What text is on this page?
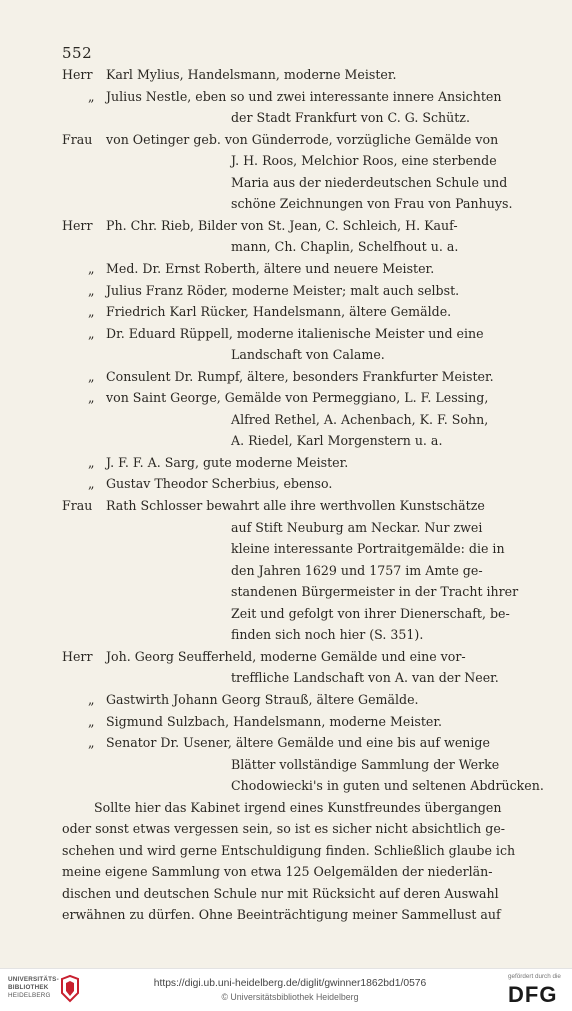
552
Herr Karl Mylius, Handelsmann, moderne Meister.
„ Julius Nestle, eben so und zwei interessante innere Ansichten
der Stadt Frankfurt von C. G. Schütz.
Frau von Oetinger geb. von Günderrode, vorzügliche Gemälde von
J. H. Roos, Melchior Roos, eine sterbende
Maria aus der niederdeutschen Schule und
schöne Zeichnungen von Frau von Panhuys.
Herr Ph. Chr. Rieb, Bilder von St. Jean, C. Schleich, H. Kauf-
mann, Ch. Chaplin, Schelfhout u. a.
„ Med. Dr. Ernst Roberth, ältere und neuere Meister.
„ Julius Franz Röder, moderne Meister; malt auch selbst.
„ Friedrich Karl Rücker, Handelsmann, ältere Gemälde.
„ Dr. Eduard Rüppell, moderne italienische Meister und eine
Landschaft von Calame.
„ Consulent Dr. Rumpf, ältere, besonders Frankfurter Meister.
„ von Saint George, Gemälde von Permeggiano, L. F. Lessing,
Alfred Rethel, A. Achenbach, K. F. Sohn,
A. Riedel, Karl Morgenstern u. a.
„ J. F. F. A. Sarg, gute moderne Meister.
„ Gustav Theodor Scherbius, ebenso.
Frau Rath Schlosser bewahrt alle ihre werthvollen Kunstschätze
auf Stift Neuburg am Neckar. Nur zwei
kleine interessante Portraitgemälde: die in
den Jahren 1629 und 1757 im Amte ge-
standenen Bürgermeister in der Tracht ihrer
Zeit und gefolgt von ihrer Dienerschaft, be-
finden sich noch hier (S. 351).
Herr Joh. Georg Seufferheld, moderne Gemälde und eine vor-
treffliche Landschaft von A. van der Neer.
„ Gastwirth Johann Georg Strauß, ältere Gemälde.
„ Sigmund Sulzbach, Handelsmann, moderne Meister.
„ Senator Dr. Usener, ältere Gemälde und eine bis auf wenige
Blätter vollständige Sammlung der Werke
Chodowiecki's in guten und seltenen Abdrücken.
Sollte hier das Kabinet irgend eines Kunstfreundes übergangen
oder sonst etwas vergessen sein, so ist es sicher nicht absichtlich ge-
schehen und wird gerne Entschuldigung finden. Schließlich glaube ich
meine eigene Sammlung von etwa 125 Oelgemälden der niederlän-
dischen und deutschen Schule nur mit Rücksicht auf deren Auswahl
erwähnen zu dürfen. Ohne Beeinträchtigung meiner Sammellust auf
UNIVERSITÄTS-
BIBLIOTHEK
HEIDELBERG
https://digi.ub.uni-heidelberg.de/diglit/gwinner1862bd1/0576
© Universitätsbibliothek Heidelberg
gefördert durch die
DFG
